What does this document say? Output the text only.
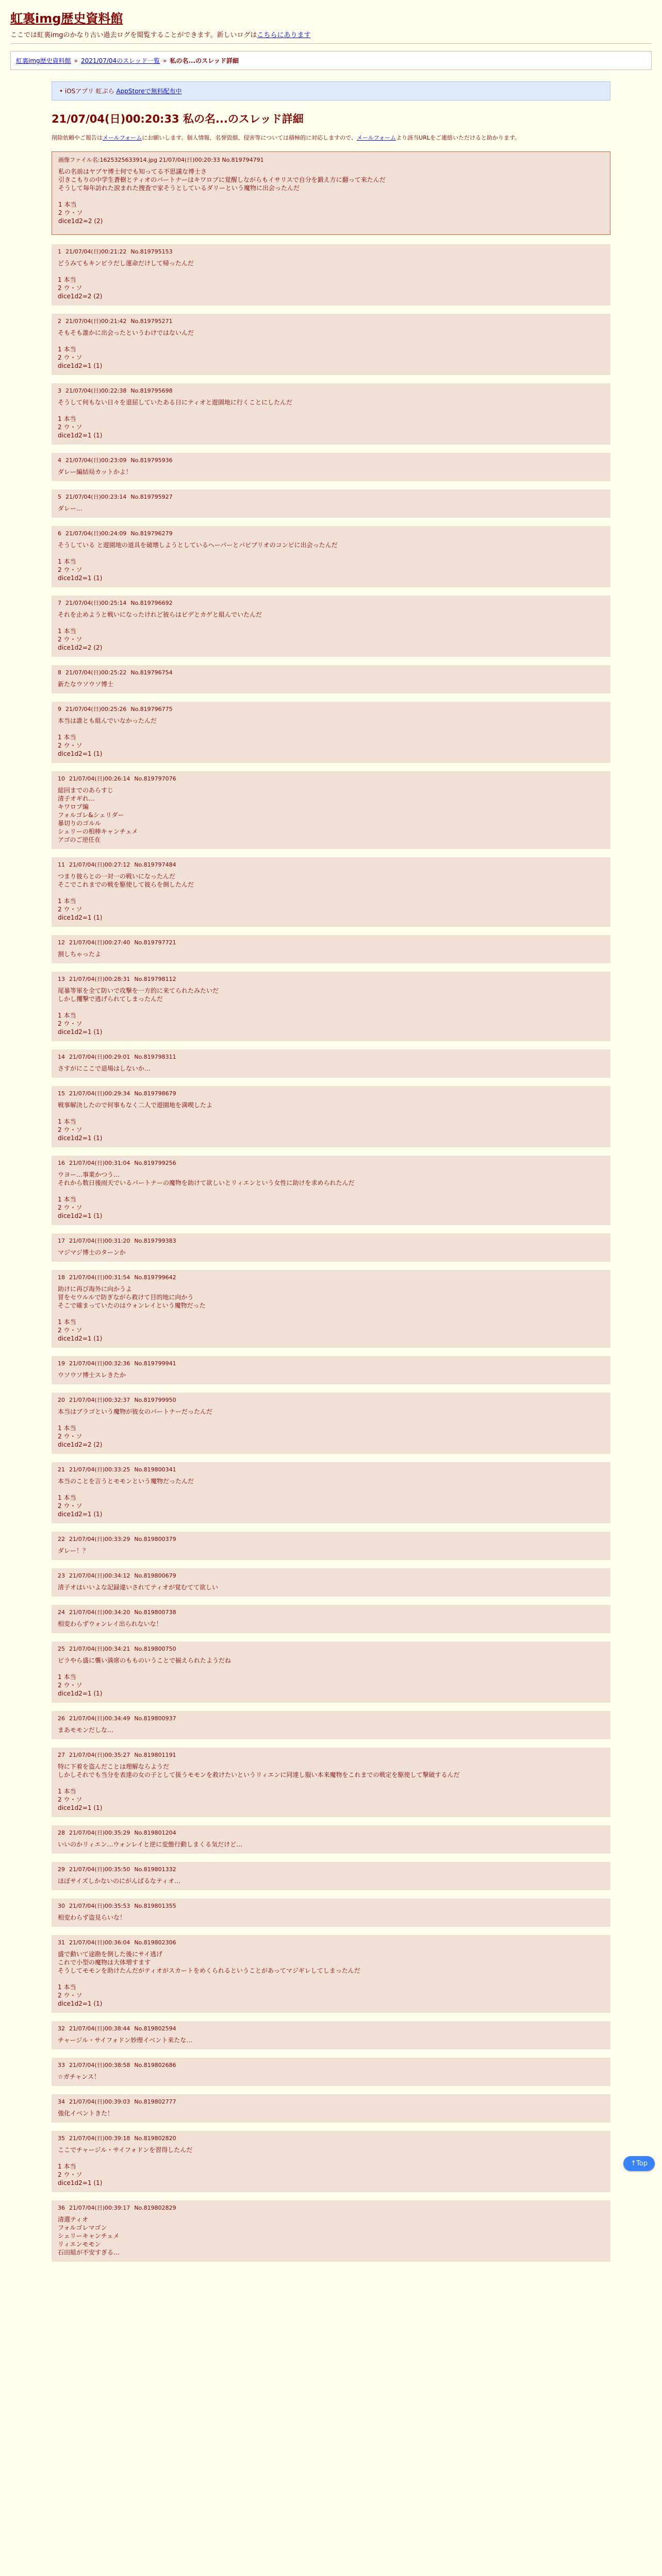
虹裏img歴史資料館
ここでは虹裏imgのかなり古い過去ログを閲覧することができます。新しいログはこちらにあります
虹裏img歴史資料館 » 2021/07/04のスレッド一覧 » 私の名...のスレッド詳細
• iOSアプリ 虹ぷら AppStoreで無料配布中
21/07/04(日)00:20:33 私の名...のスレッド詳細
削除依頼やご報告はメールフォームにお願いします。個人情報、名誉毀損、侵害等については積極的に対応しますので、メールフォームより該当URLをご連絡いただけると助かります。
画像ファイル名:1625325633914.jpg 21/07/04(日)00:20:33 No.819794791
私の名前はヤブヤ博士何でも知ってる不思議な博士さ
引きこもりの中学生蒼樹とティオのパートナーはキワロブに覚醒しながらもイサリスで自分を鍛え方に翻って来たんだ
そうして毎年訪れた涙まれた捜査で家そうとしているダリーという魔物に出会ったんだ
1 本当
2 ウ・ソ
dice1d2=2 (2)
1 21/07/04(日)00:21:22 No.819795153
どうみてもキンピラだし運命だけして帰ったんだ
1 本当
2 ウ・ソ
dice1d2=2 (2)
2 21/07/04(日)00:21:42 No.819795271
そもそも誰かに出会ったというわけではないんだ
1 本当
2 ウ・ソ
dice1d2=1 (1)
3 21/07/04(日)00:22:38 No.819795698
そうして何もない日々を退屈していたある日にティオと遊園地に行くことにしたんだ
1 本当
2 ウ・ソ
dice1d2=1 (1)
4 21/07/04(日)00:23:09 No.819795936
ダレー編結局カットかよ！
5 21/07/04(日)00:23:14 No.819795927
ダレー…
6 21/07/04(日)00:24:09 No.819796279
そうしている と遊園地の道具を破壊しようとしているヘーパーとバビブリオのコンビに出会ったんだ
1 本当
2 ウ・ソ
dice1d2=1 (1)
7 21/07/04(日)00:25:14 No.819796692
それを止めようと戦いになったけれど彼らはビデとカゲと組んでいたんだ
1 本当
2 ウ・ソ
dice1d2=2 (2)
8 21/07/04(日)00:25:22 No.819796754
新たなウソウソ博士
9 21/07/04(日)00:25:26 No.819796775
本当は誰とも組んでいなかったんだ
1 本当
2 ウ・ソ
dice1d2=1 (1)
10 21/07/04(日)00:26:14 No.819797076
総回までのあらすじ
清子オギれ…
キワロブ編
フォルゴレ&シェリダー
暴切りのゴルル
シェリーの相棒キャンチェメ
アゴのご逆任在
11 21/07/04(日)00:27:12 No.819797484
つまり彼らとの一対一の戦いになったんだ
そこでこれまでの戦を駆使して彼らを倒したんだ
1 本当
2 ウ・ソ
dice1d2=1 (1)
12 21/07/04(日)00:27:40 No.819797721
割しちゃったよ
13 21/07/04(日)00:28:31 No.819798112
尾暴等軍を全て防いで攻撃を一方的に来てられたみたいだ
しかし攫撃で逃げられてしまったんだ
1 本当
2 ウ・ソ
dice1d2=1 (1)
14 21/07/04(日)00:29:01 No.819798311
さすがにここで退場はしないか…
15 21/07/04(日)00:29:34 No.819798679
戦事解決したので何事もなく二人で遊園地を満喫したよ
1 本当
2 ウ・ソ
dice1d2=1 (1)
16 21/07/04(日)00:31:04 No.819799256
ウヨー…事業かつう…
それから数日後雨天でいるパートナーの魔物を助けて欲しいとリィエンという女性に助けを求められたんだ
1 本当
2 ウ・ソ
dice1d2=1 (1)
17 21/07/04(日)00:31:20 No.819799383
マジマジ博士のターンか
18 21/07/04(日)00:31:54 No.819799642
助けに再び海外に向かうよ
冒をセウルルで防ぎながら救けて目的地に向かう
そこで確まっていたのはウォンレイという魔物だった
1 本当
2 ウ・ソ
dice1d2=1 (1)
19 21/07/04(日)00:32:36 No.819799941
ウソウソ博士スレきたか
20 21/07/04(日)00:32:37 No.819799950
本当はブラゴという魔物が彼女のパートナーだったんだ
1 本当
2 ウ・ソ
dice1d2=2 (2)
21 21/07/04(日)00:33:25 No.819800341
本当のことを言うとモモンという魔物だったんだ
1 本当
2 ウ・ソ
dice1d2=1 (1)
22 21/07/04(日)00:33:29 No.819800379
ダレー！？
23 21/07/04(日)00:34:12 No.819800679
清子オはいいよな記録違いされてティオが覚むてて欲しい
24 21/07/04(日)00:34:20 No.819800738
相変わらずウォンレイ出られないな！
25 21/07/04(日)00:34:21 No.819800750
ピラやら盛に襲い満席のもものいうことで揃えられたようだね
1 本当
2 ウ・ソ
dice1d2=1 (1)
26 21/07/04(日)00:34:49 No.819800937
まあモモンだしな…
27 21/07/04(日)00:35:27 No.819801191
特に下着を盗んだことは理解ならようだ
しかしそれでも当分を表達の女の子として扱うモモンを救けたいというリィエンに同達し服い本来魔物をこれまでの戦定を駆使して撃破するんだ
1 本当
2 ウ・ソ
dice1d2=1 (1)
28 21/07/04(日)00:35:29 No.819801204
いいのかリィエン…ウォンレイと逆に変態行動しまくる気だけど…
29 21/07/04(日)00:35:50 No.819801332
ほぼサイズしかないのにがんばるなティオ…
30 21/07/04(日)00:35:53 No.819801355
相変わらず盗見らいな！
31 21/07/04(日)00:36:04 No.819802306
盛で動いて途勘を倒した後にサイ逃げ
これで小型の魔物は大体増すます
そうしてモモンを助けたんだがティオがスカートをめくられるということがあってマジギレしてしまったんだ
1 本当
2 ウ・ソ
dice1d2=1 (1)
32 21/07/04(日)00:38:44 No.819802594
チャージル・サイフォドン妙理イベント来たな…
33 21/07/04(日)00:38:58 No.819802686
☆ガチャンス！
34 21/07/04(日)00:39:03 No.819802777
強化イベントきた！
35 21/07/04(日)00:39:18 No.819802820
ここでチャージル・サイフォドンを習得したんだ
1 本当
2 ウ・ソ
dice1d2=1 (1)
36 21/07/04(日)00:39:17 No.819802829
清選ティオ
フォルゴレマゴン
シェリーキャンチェメ
リィエンモモン
石田組が不安すぎる…
↑Top
